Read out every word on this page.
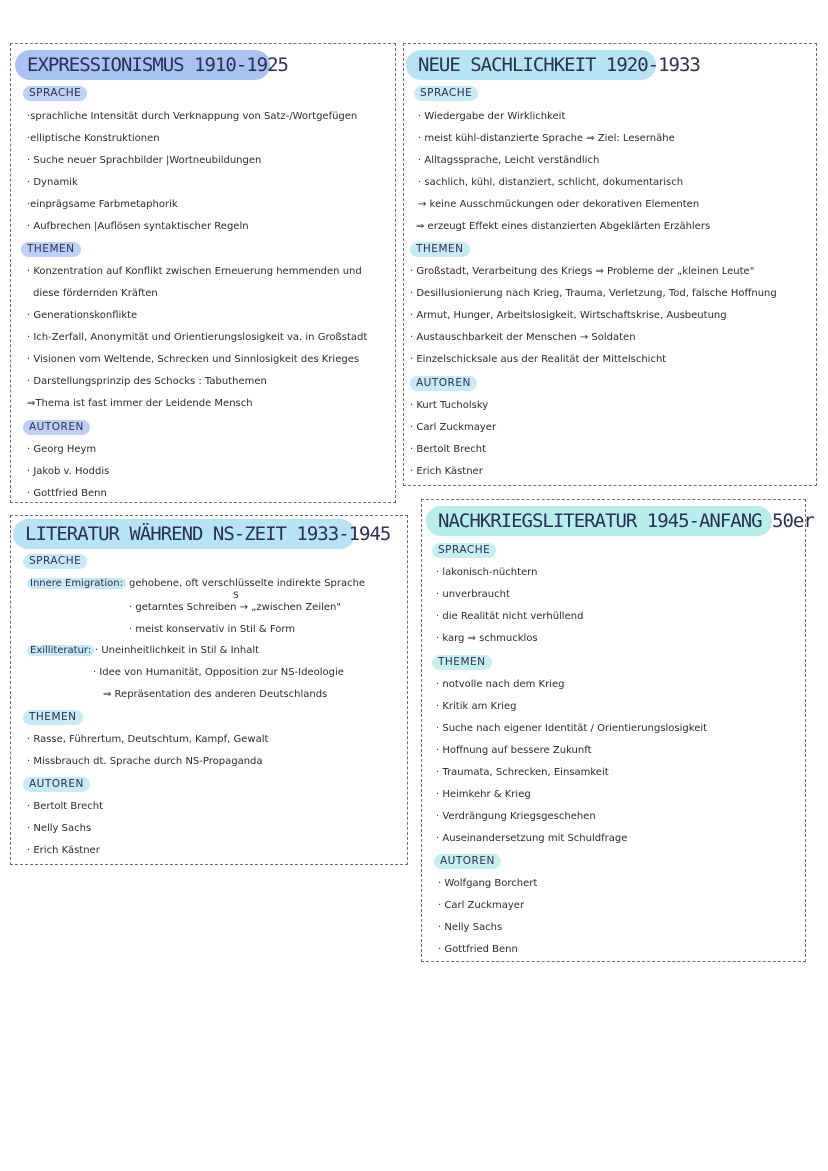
EXPRESSIONISMUS 1910-1925
SPRACHE
·sprachliche Intensität durch Verknappung von Satz-/Wortgefügen
·elliptische Konstruktionen
· Suche neuer Sprachbilder |Wortneubildungen
· Dynamik
·einprägsame Farbmetaphorik
· Aufbrechen |Auflösen syntaktischer Regeln
THEMEN
· Konzentration auf Konflikt zwischen Erneuerung hemmenden und
diese fördernden Kräften
· Generationskonflikte
· Ich-Zerfall, Anonymität und Orientierungslosigkeit va. in Großstadt
· Visionen vom Weltende, Schrecken und Sinnlosigkeit des Krieges
· Darstellungsprinzip des Schocks : Tabuthemen
⇒Thema ist fast immer der Leidende Mensch
AUTOREN
· Georg Heym
· Jakob v. Hoddis
· Gottfried Benn
NEUE SACHLICHKEIT 1920-1933
SPRACHE
· Wiedergabe der Wirklichkeit
· meist kühl-distanzierte Sprache ⇒ Ziel: Lesernähe
· Alltagssprache, Leicht verständlich
· sachlich, kühl, distanziert, schlicht, dokumentarisch
→ keine Ausschmückungen oder dekorativen Elementen
⇒ erzeugt Effekt eines distanzierten Abgeklärten Erzählers
THEMEN
· Großstadt, Verarbeitung des Kriegs ⇒ Probleme der „kleinen Leute"
· Desillusionierung nach Krieg, Trauma, Verletzung, Tod, falsche Hoffnung
· Armut, Hunger, Arbeitslosigkeit, Wirtschaftskrise, Ausbeutung
· Austauschbarkeit der Menschen → Soldaten
· Einzelschicksale aus der Realität der Mittelschicht
AUTOREN
· Kurt Tucholsky
· Carl Zuckmayer
· Bertolt Brecht
· Erich Kästner
LITERATUR WÄHREND NS-ZEIT 1933-1945
SPRACHE
Innere Emigration: gehobene, oft verschlüsselte indirekte Sprache
S
· getarntes Schreiben → „zwischen Zeilen"
· meist konservativ in Stil & Form
Exilliteratur: · Uneinheitlichkeit in Stil & Inhalt
· Idee von Humanität, Opposition zur NS-Ideologie
⇒ Repräsentation des anderen Deutschlands
THEMEN
· Rasse, Führertum, Deutschtum, Kampf, Gewalt
· Missbrauch dt. Sprache durch NS-Propaganda
AUTOREN
· Bertolt Brecht
· Nelly Sachs
· Erich Kästner
NACHKRIEGSLITERATUR 1945-ANFANG 50er
SPRACHE
· lakonisch-nüchtern
· unverbraucht
· die Realität nicht verhüllend
· karg ⇒ schmucklos
THEMEN
· notvolle nach dem Krieg
· Kritik am Krieg
· Suche nach eigener Identität / Orientierungslosigkeit
· Hoffnung auf bessere Zukunft
· Traumata, Schrecken, Einsamkeit
· Heimkehr & Krieg
· Verdrängung Kriegsgeschehen
· Auseinandersetzung mit Schuldfrage
AUTOREN
· Wolfgang Borchert
· Carl Zuckmayer
· Nelly Sachs
· Gottfried Benn
